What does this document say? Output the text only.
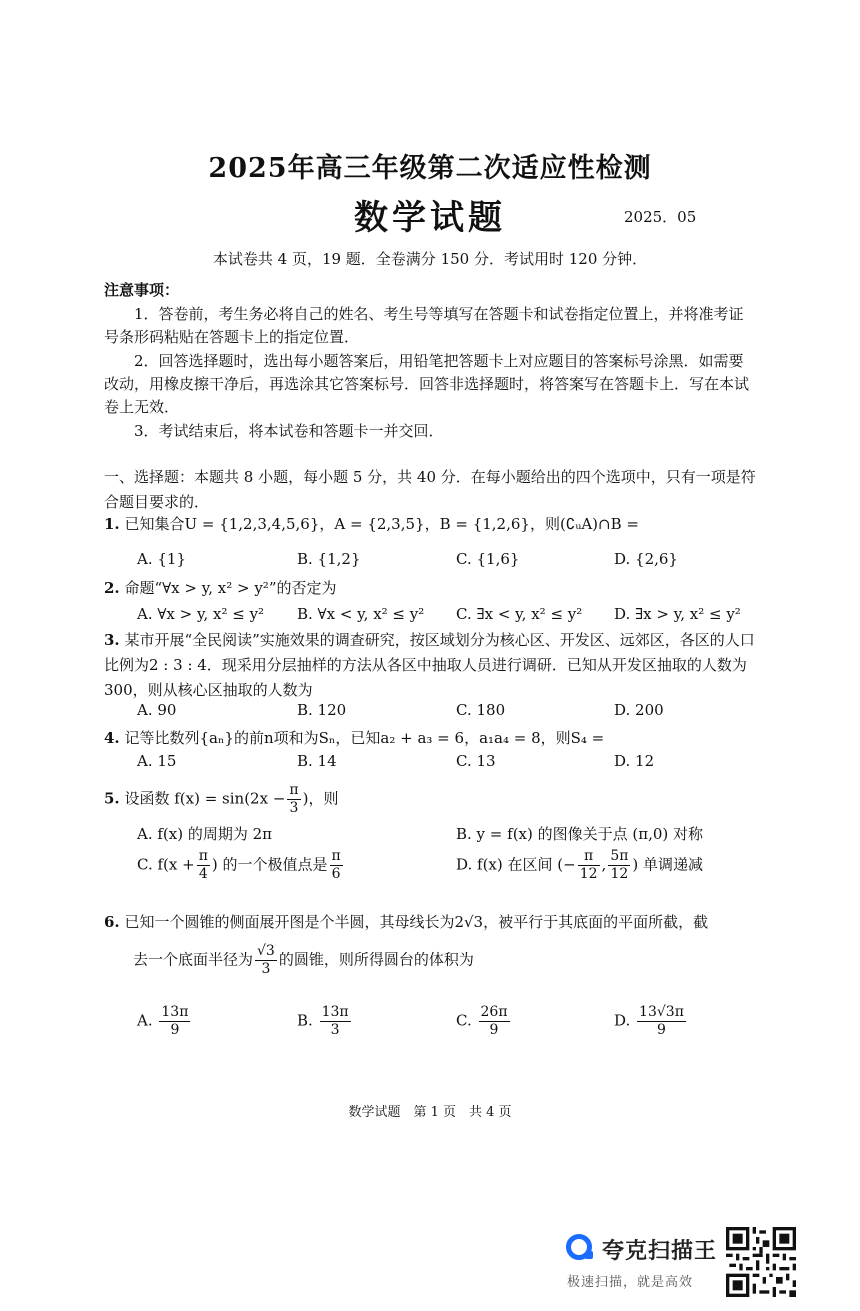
2025年高三年级第二次适应性检测
数学试题	2025．05
本试卷共 4 页，19 题．全卷满分 150 分．考试用时 120 分钟．
注意事项：
1．答卷前，考生务必将自己的姓名、考生号等填写在答题卡和试卷指定位置上，并将准考证号条形码粘贴在答题卡上的指定位置．
2．回答选择题时，选出每小题答案后，用铅笔把答题卡上对应题目的答案标号涂黑．如需要改动，用橡皮擦干净后，再选涂其它答案标号．回答非选择题时，将答案写在答题卡上．写在本试卷上无效．
3．考试结束后，将本试卷和答题卡一并交回．
一、选择题：本题共 8 小题，每小题 5 分，共 40 分．在每小题给出的四个选项中，只有一项是符合题目要求的．
1. 已知集合U = {1,2,3,4,5,6}，A = {2,3,5}，B = {1,2,6}，则(∁ᵤA)∩B =
A. {1}	B. {1,2}	C. {1,6}	D. {2,6}
2. 命题“∀x > y, x² > y²”的否定为
A. ∀x > y, x² ≤ y² B. ∀x < y, x² ≤ y² C. ∃x < y, x² ≤ y² D. ∃x > y, x² ≤ y²
3. 某市开展“全民阅读”实施效果的调查研究，按区域划分为核心区、开发区、远郊区，各区的人口比例为2 : 3 : 4．现采用分层抽样的方法从各区中抽取人员进行调研．已知从开发区抽取的人数为300，则从核心区抽取的人数为
A. 90	B. 120	C. 180	D. 200
4. 记等比数列{aₙ}的前n项和为Sₙ，已知a₂ + a₃ = 6，a₁a₄ = 8，则S₄ =
A. 15	B. 14	C. 13	D. 12
5. 设函数 $f(x) = \sin(2x - \frac{\pi}{3}$ )，则
A. f(x) 的周期为 2π	B. y = f(x) 的图像关于点 (π,0) 对称
C. $f(x + \frac{\pi}{4}$ ) 的一个极值点是 $\frac{\pi}{6}$	D. f(x) 在区间 (− $\frac{\pi}{12}$ , $\frac{5\pi}{12}$ ) 单调递减
6. 已知一个圆锥的侧面展开图是个半圆，其母线长为2√3，被平行于其底面的平面所截，截
去一个底面半径为 $\frac{√3}{3}$ 的圆锥，则所得圆台的体积为
A. $\frac{13\pi}{9}$	B. $\frac{13\pi}{3}$	C. $\frac{26\pi}{9}$	D. $\frac{13√3\pi}{9}$
数学试题　第 1 页　共 4 页
夸克扫描王
极速扫描，就是高效
